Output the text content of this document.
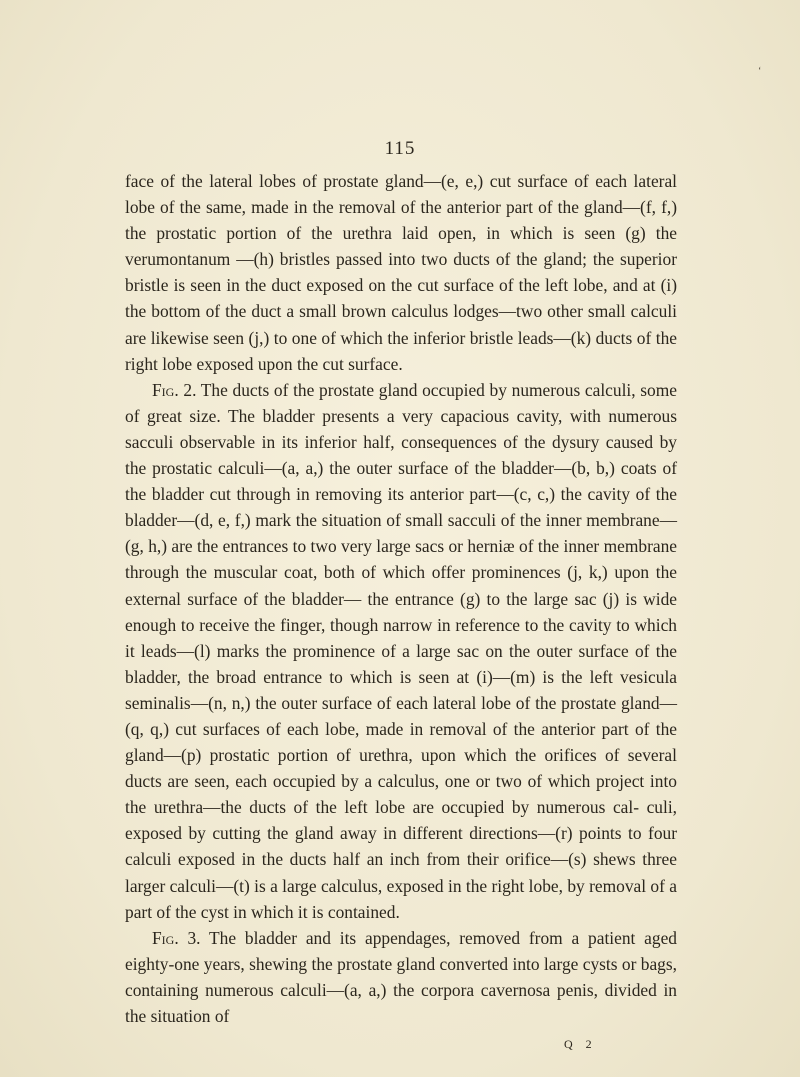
‘
115

face of the lateral lobes of prostate gland—(e, e,) cut surface of each lateral lobe of the same, made in the removal of the anterior part of the gland—(f, f,) the prostatic portion of the urethra laid open, in which is seen (g) the verumontanum —(h) bristles passed into two ducts of the gland; the superior bristle is seen in the duct exposed on the cut surface of the left lobe, and at (i) the bottom of the duct a small brown calculus lodges—two other small calculi are likewise seen (j,) to one of which the inferior bristle leads—(k) ducts of the right lobe exposed upon the cut surface.

Fig. 2. The ducts of the prostate gland occupied by numerous calculi, some of great size. The bladder presents a very capacious cavity, with numerous sacculi observable in its inferior half, consequences of the dysury caused by the prostatic calculi—(a, a,) the outer surface of the bladder—(b, b,) coats of the bladder cut through in removing its anterior part—(c, c,) the cavity of the bladder—(d, e, f,) mark the situation of small sacculi of the inner membrane—(g, h,) are the entrances to two very large sacs or herniæ of the inner membrane through the muscular coat, both of which offer prominences (j, k,) upon the external surface of the bladder— the entrance (g) to the large sac (j) is wide enough to receive the finger, though narrow in reference to the cavity to which it leads—(l) marks the prominence of a large sac on the outer surface of the bladder, the broad entrance to which is seen at (i)—(m) is the left vesicula seminalis—(n, n,) the outer surface of each lateral lobe of the prostate gland—(q, q,) cut surfaces of each lobe, made in removal of the anterior part of the gland—(p) prostatic portion of urethra, upon which the orifices of several ducts are seen, each occupied by a calculus, one or two of which project into the urethra—the ducts of the left lobe are occupied by numerous cal- culi, exposed by cutting the gland away in different directions—(r) points to four calculi exposed in the ducts half an inch from their orifice—(s) shews three larger calculi—(t) is a large calculus, exposed in the right lobe, by removal of a part of the cyst in which it is contained.

Fig. 3. The bladder and its appendages, removed from a patient aged eighty-one years, shewing the prostate gland converted into large cysts or bags, containing numerous calculi—(a, a,) the corpora cavernosa penis, divided in the situation of

Q 2
